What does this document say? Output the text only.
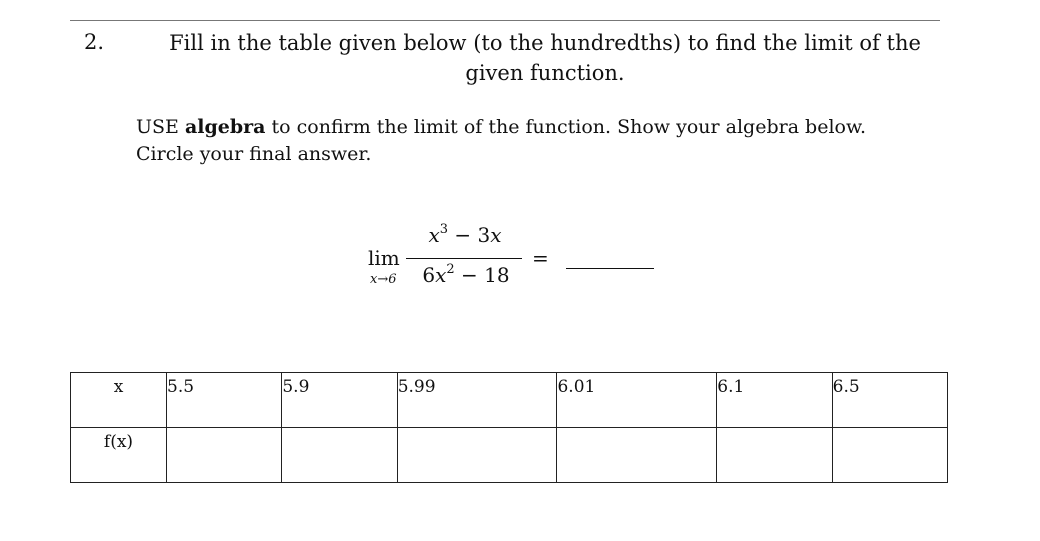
2.	Fill in the table given below (to the hundredths) to find the limit of the
given function.
USE algebra to confirm the limit of the function. Show your algebra below. Circle your final answer.
$x^3 - 3x$
lim
x→6	$6x^2 - 18$
=
x	5.5	5.9	5.99	6.01	6.1	6.5
f(x)						
